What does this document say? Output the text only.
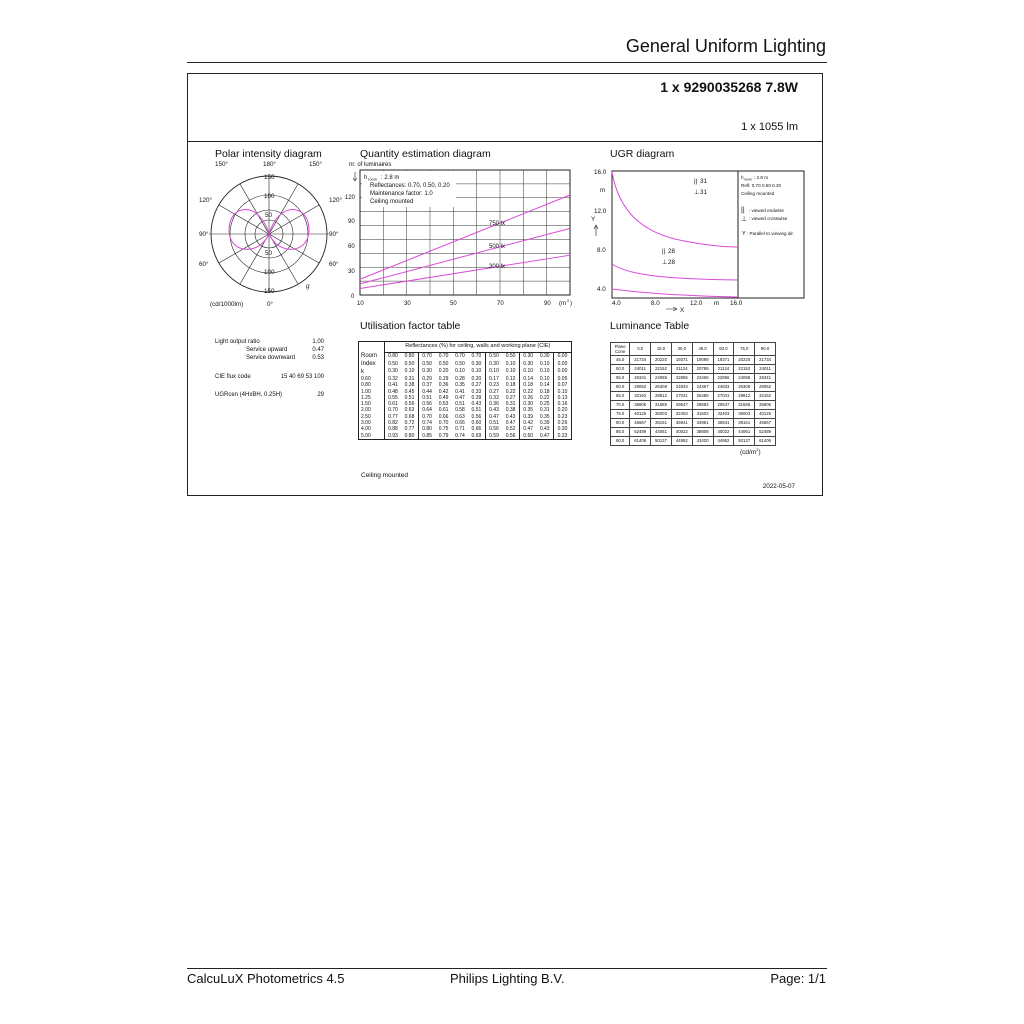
General Uniform Lighting
1 x 9290035268 7.8W
1 x 1055 lm
Polar intensity diagram	Quantity estimation diagram	UGR diagram
Utilisation factor table	Luminance Table
150°	180°	150°
120°
90°
60°
120°
90°
60°
150
100
50
50
100
150
(cd/1000lm)	0°
g
Light output ratio	1.00
Service upward	0.47
Service downward	0.53
CIE flux code	15 40 69 53 100
UGRcen (4HxBH, 0.25H)	29
nr. of luminaires
h room : 2.8 m
Reflectances: 0.70, 0.50, 0.20
Maintenance factor: 1.0
Ceiling mounted
120
90
60
30
0
10	30	50	70	90 (m
2
)
750 lx
500 lx
300 lx
16.0
m
12.0
8.0
4.0
4.0	8.0	12.0 m 16.0
Y
X
|| 31
⊥ 31
|| 28
⊥ 28
h room : 2.8 m
Refl: 0.70 0.50 0.20
Ceiling mounted
|| : viewed endwise
⊥ : viewed crosswise
Y : Parallel to viewing dir.
Room
Index
k	Reflectances (%) for ceiling, walls and working plane (CIE)										
	0.80	0.80	0.70	0.70	0.70	0.70	0.50	0.50	0.30	0.30	0.00
	0.50	0.50	0.50	0.50	0.50	0.30	0.30	0.10	0.30	0.10	0.00
	0.30	0.10	0.30	0.20	0.10	0.10	0.10	0.10	0.10	0.10	0.00

0.60	0.32	0.31	0.29	0.29	0.28	0.20	0.17	0.12	0.14	0.10	0.05
0.80	0.41	0.38	0.37	0.36	0.35	0.27	0.23	0.18	0.18	0.14	0.07
1.00	0.48	0.45	0.44	0.42	0.41	0.33	0.27	0.22	0.22	0.18	0.10
1.25	0.55	0.51	0.51	0.49	0.47	0.39	0.32	0.27	0.26	0.22	0.13
1.50	0.61	0.56	0.56	0.53	0.51	0.43	0.36	0.31	0.30	0.25	0.16
2.00	0.70	0.63	0.64	0.61	0.58	0.51	0.43	0.38	0.35	0.31	0.20
2.50	0.77	0.68	0.70	0.66	0.63	0.56	0.47	0.43	0.39	0.35	0.23
3.00	0.82	0.72	0.74	0.70	0.66	0.60	0.51	0.47	0.42	0.39	0.26
4.00	0.88	0.77	0.80	0.75	0.71	0.66	0.56	0.52	0.47	0.43	0.30
5.00	0.93	0.80	0.85	0.79	0.74	0.69	0.59	0.56	0.50	0.47	0.33
Ceiling mounted
Plane
Cone	0.0	15.0	30.0	45.0	60.0	75.0	90.0
45.0	21734	20220	19371	19098	19371	20220	21734
50.0	24011	22152	21124	20795	21124	22152	24011
55.0	26341	24086	22856	22465	22856	24086	26341
60.0	29052	26308	24833	24367	24833	26308	29052
65.0	32162	28812	27041	26486	27041	28812	32162
70.0	35806	31685	29547	28882	29547	31685	35806
75.0	40125	35003	32403	31602	32403	35003	40125
80.0	45667	39161	35941	34961	35941	39161	45667
85.0	52489	44061	40022	38808	40022	44061	52489
90.0	61406	50137	44952	43420	44952	50137	61406
$(cd/m^2)$
2022-05-07
CalcuLuX Photometrics 4.5	Philips Lighting B.V.	Page: 1/1
